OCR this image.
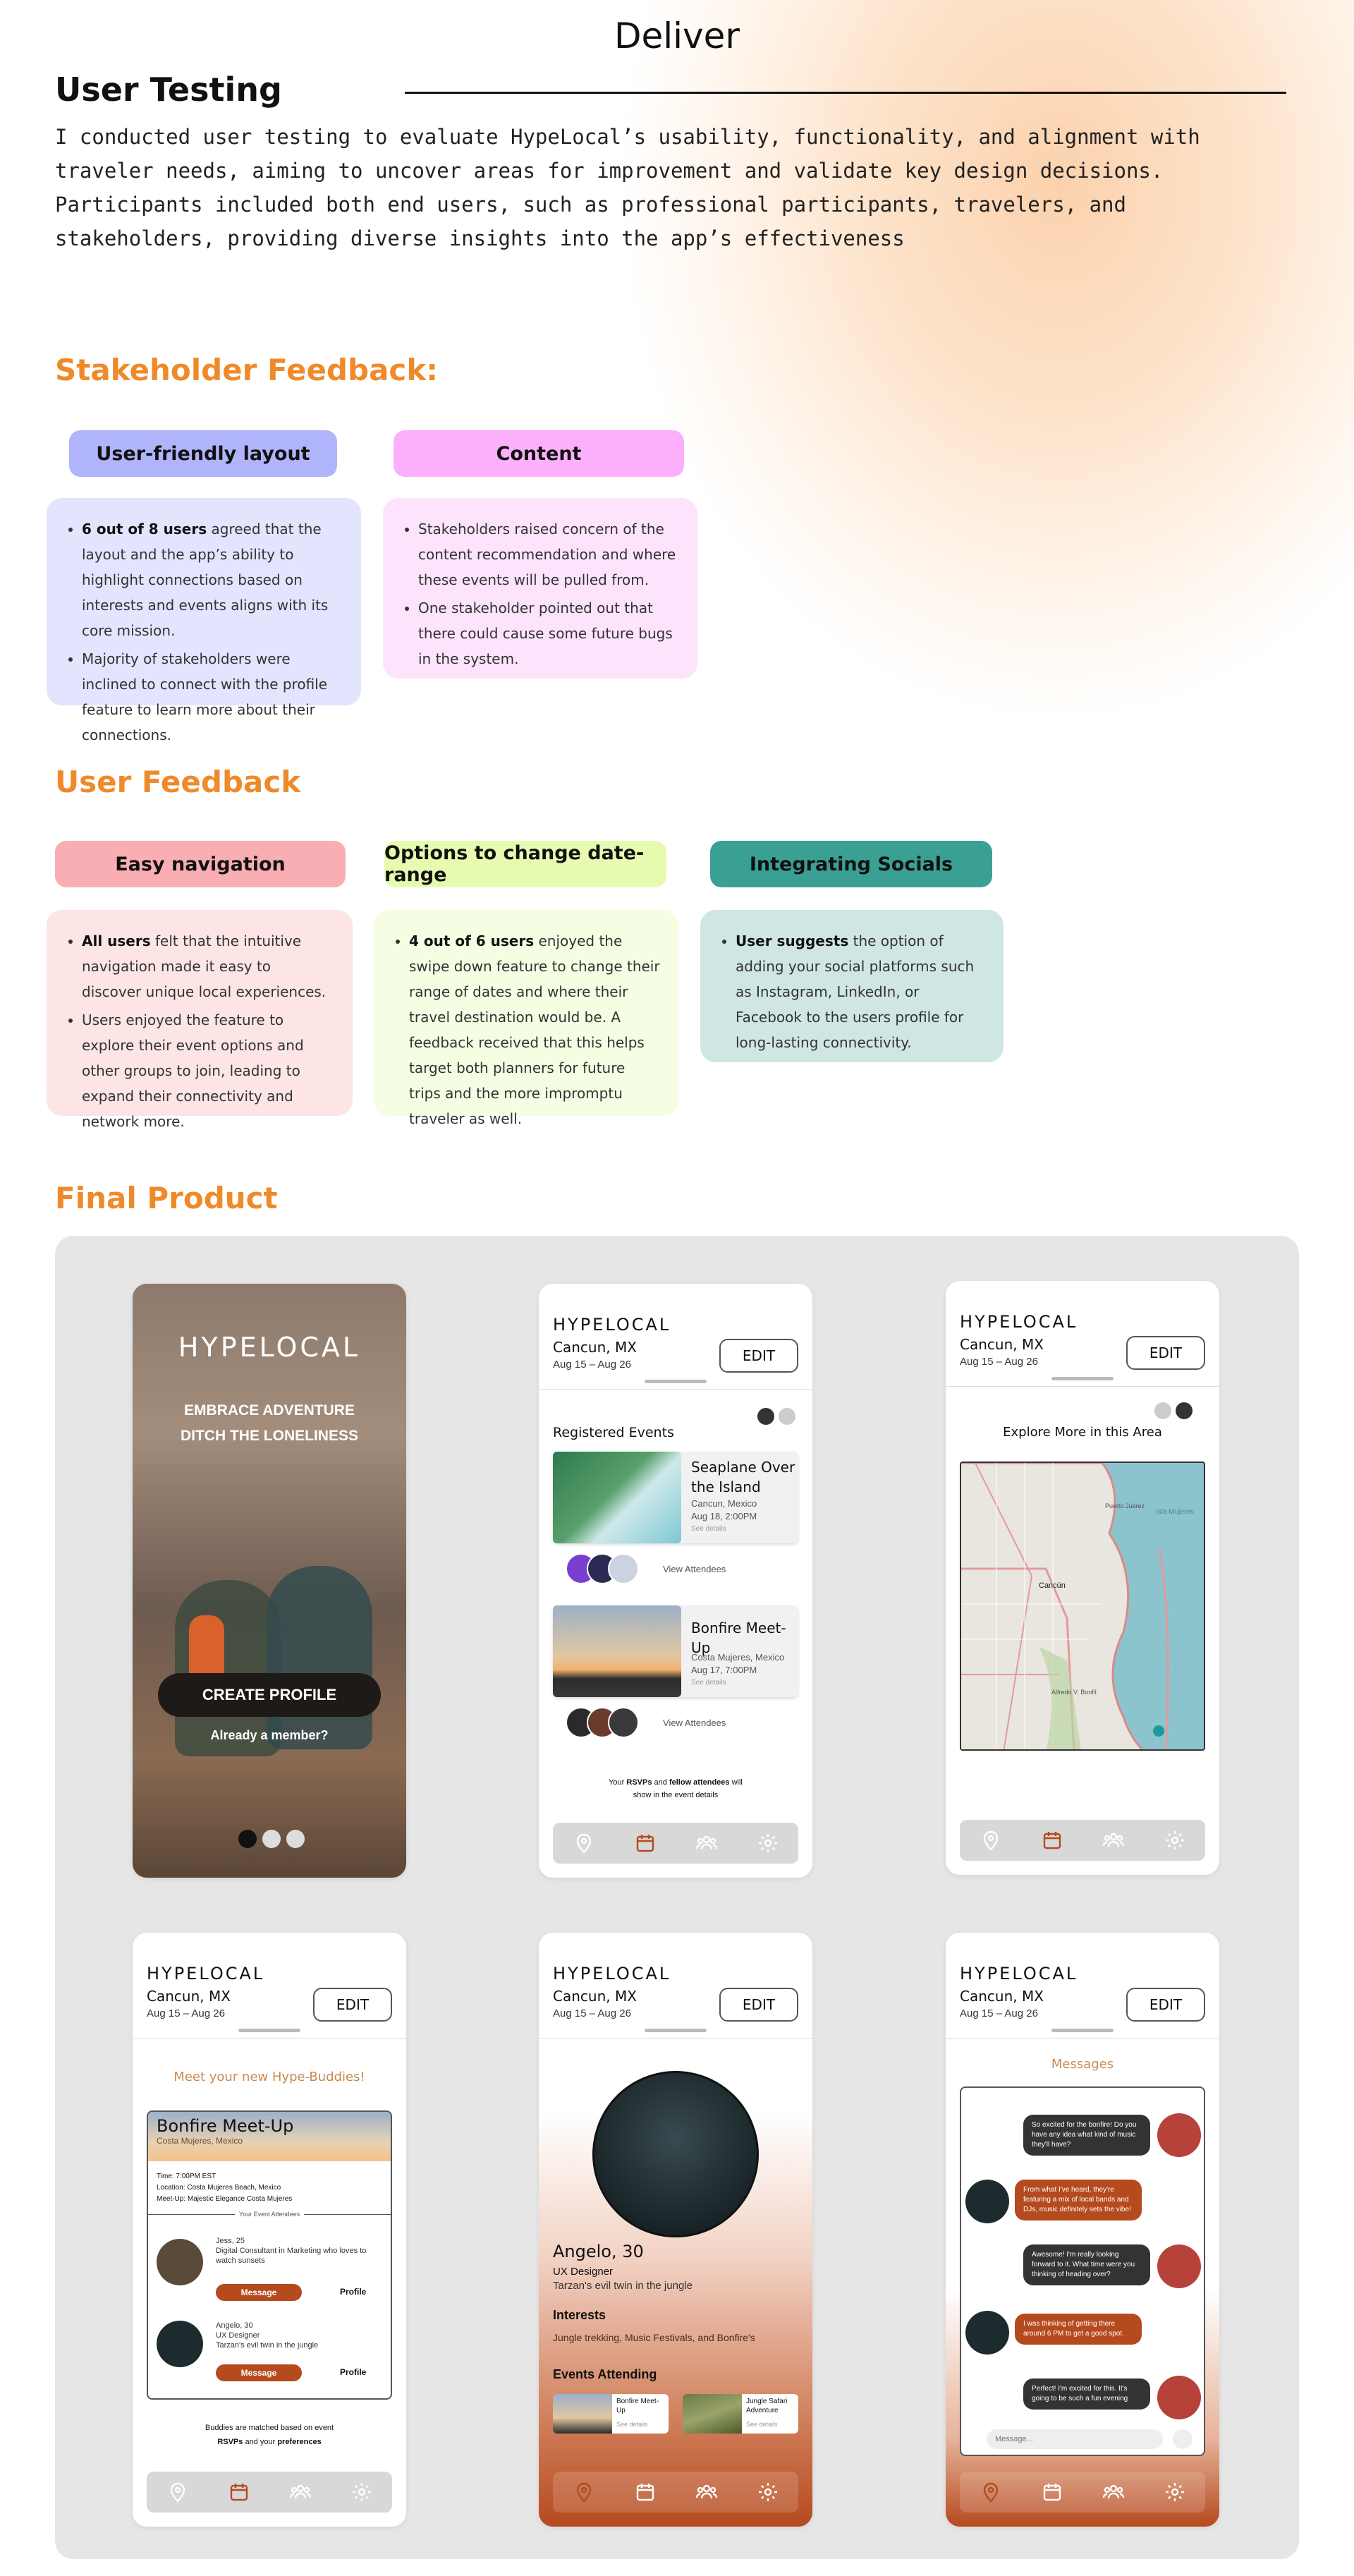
Deliver
User Testing
I conducted user testing to evaluate HypeLocal’s usability, functionality, and alignment with traveler needs, aiming to uncover areas for improvement and validate key design decisions. Participants included both end users, such as professional participants, travelers, and stakeholders, providing diverse insights into the app’s effectiveness
Stakeholder Feedback:
User-friendly layout
• 6 out of 8 users agreed that the layout and the app’s ability to highlight connections based on interests and events aligns with its core mission.
• Majority of stakeholders were inclined to connect with the profile feature to learn more about their connections.
Content
• Stakeholders raised concern of the content recommendation and where these events will be pulled from.
• One stakeholder pointed out that there could cause some future bugs in the system.
User Feedback
Easy navigation
• All users felt that the intuitive navigation made it easy to discover unique local experiences.
• Users enjoyed the feature to explore their event options and other groups to join, leading to expand their connectivity and network more.
Options to change date-range
• 4 out of 6 users enjoyed the swipe down feature to change their range of dates and where their travel destination would be. A feedback received that this helps target both planners for future trips and the more impromptu traveler as well.
Integrating Socials
• User suggests the option of adding your social platforms such as Instagram, LinkedIn, or Facebook to the users profile for long-lasting connectivity.
Final Product
HYPELOCAL
EMBRACE ADVENTURE
DITCH THE LONELINESS
CREATE PROFILE
Already a member?
HYPELOCAL
Cancun, MX
Aug 15 – Aug 26
EDIT
Registered Events
Seaplane Over the Island
Cancun, Mexico
Aug 18, 2:00PM
See details
View Attendees
Bonfire Meet-Up
Costa Mujeres, Mexico
Aug 17, 7:00PM
See details
View Attendees
Your RSVPs and fellow attendees will
show in the event details
HYPELOCAL
Cancun, MX
Aug 15 – Aug 26
EDIT
Explore More in this Area
Cancún
Alfredo V. Bonfil
Puerto Juárez
Isla Mujeres
HYPELOCAL
Cancun, MX
Aug 15 – Aug 26
EDIT
Meet your new Hype-Buddies!
Bonfire Meet-Up
Costa Mujeres, Mexico
Time: 7:00PM EST
Location: Costa Mujeres Beach, Mexico
Meet-Up: Majestic Elegance Costa Mujeres
Your Event Attendees
Jess, 25
Digital Consultant in Marketing who loves to watch sunsets
Message	Profile
Angelo, 30
UX Designer
Tarzan's evil twin in the jungle
Message	Profile
Buddies are matched based on event
RSVPs and your preferences
HYPELOCAL
Cancun, MX
Aug 15 – Aug 26
EDIT
Angelo, 30
UX Designer
Tarzan's evil twin in the jungle
Interests
Jungle trekking, Music Festivals, and Bonfire's
Events Attending
Bonfire Meet-Up
See details
Jungle Safari Adventure
See details
HYPELOCAL
Cancun, MX
Aug 15 – Aug 26
EDIT
Messages
So excited for the bonfire! Do you have any idea what kind of music they'll have?
From what I've heard, they're featuring a mix of local bands and DJs, music definitely sets the vibe!
Awesome! I'm really looking forward to it. What time were you thinking of heading over?
I was thinking of getting there around 6 PM to get a good spot.
Perfect! I'm excited for this. It's going to be such a fun evening
Message...
